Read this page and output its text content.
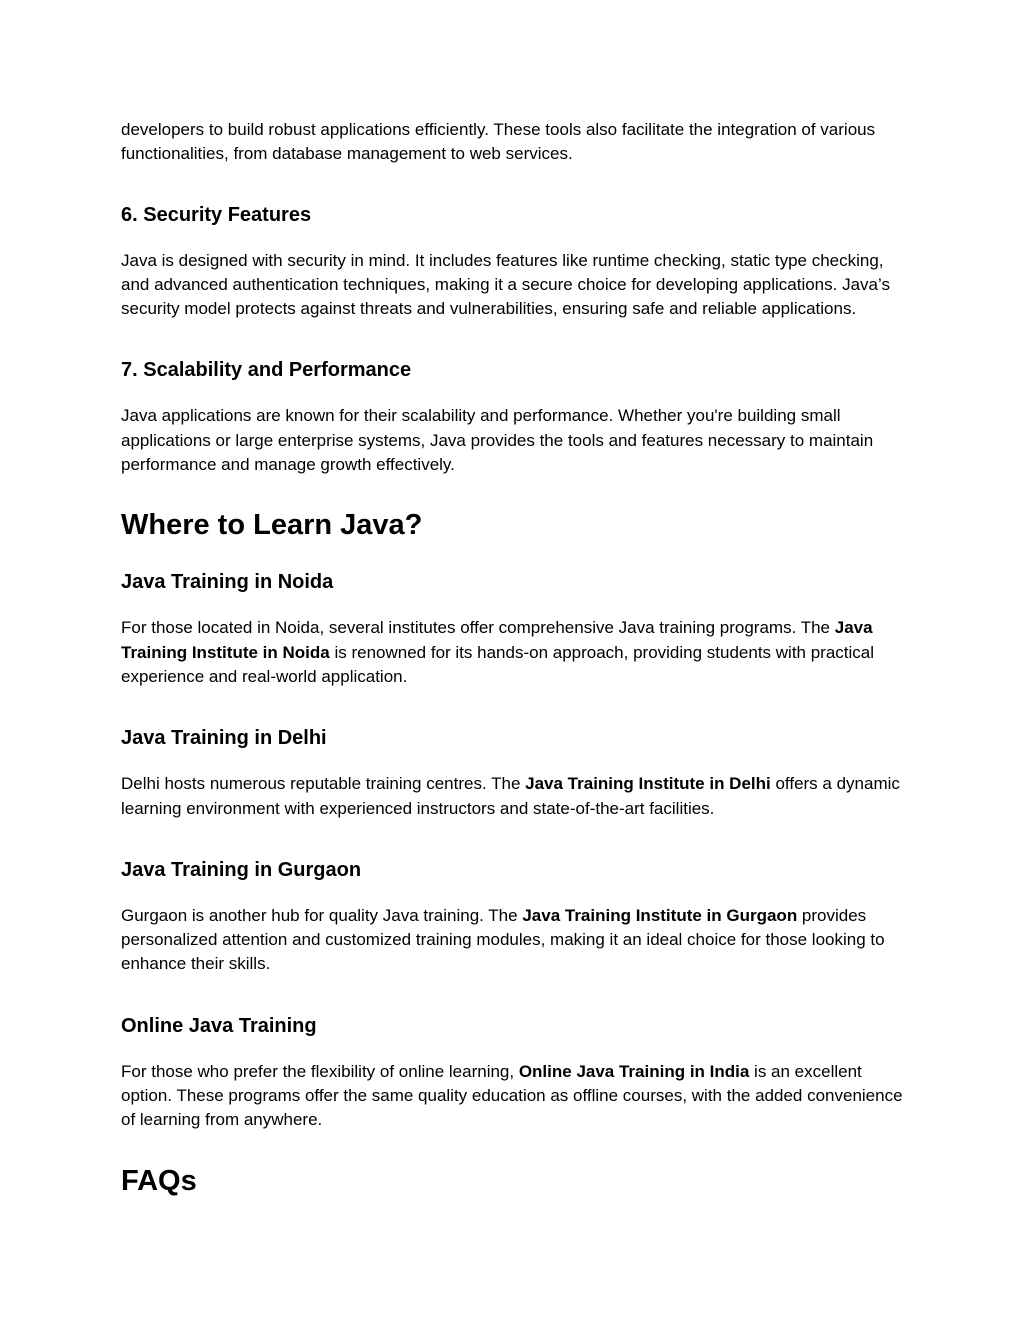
developers to build robust applications efficiently. These tools also facilitate the integration of various functionalities, from database management to web services.

6. Security Features

Java is designed with security in mind. It includes features like runtime checking, static type checking, and advanced authentication techniques, making it a secure choice for developing applications. Java’s security model protects against threats and vulnerabilities, ensuring safe and reliable applications.

7. Scalability and Performance

Java applications are known for their scalability and performance. Whether you're building small applications or large enterprise systems, Java provides the tools and features necessary to maintain performance and manage growth effectively.

Where to Learn Java?
Java Training in Noida

For those located in Noida, several institutes offer comprehensive Java training programs. The Java Training Institute in Noida is renowned for its hands-on approach, providing students with practical experience and real-world application.

Java Training in Delhi

Delhi hosts numerous reputable training centres. The Java Training Institute in Delhi offers a dynamic learning environment with experienced instructors and state-of-the-art facilities.

Java Training in Gurgaon

Gurgaon is another hub for quality Java training. The Java Training Institute in Gurgaon provides personalized attention and customized training modules, making it an ideal choice for those looking to enhance their skills.

Online Java Training

For those who prefer the flexibility of online learning, Online Java Training in India is an excellent option. These programs offer the same quality education as offline courses, with the added convenience of learning from anywhere.

FAQs
